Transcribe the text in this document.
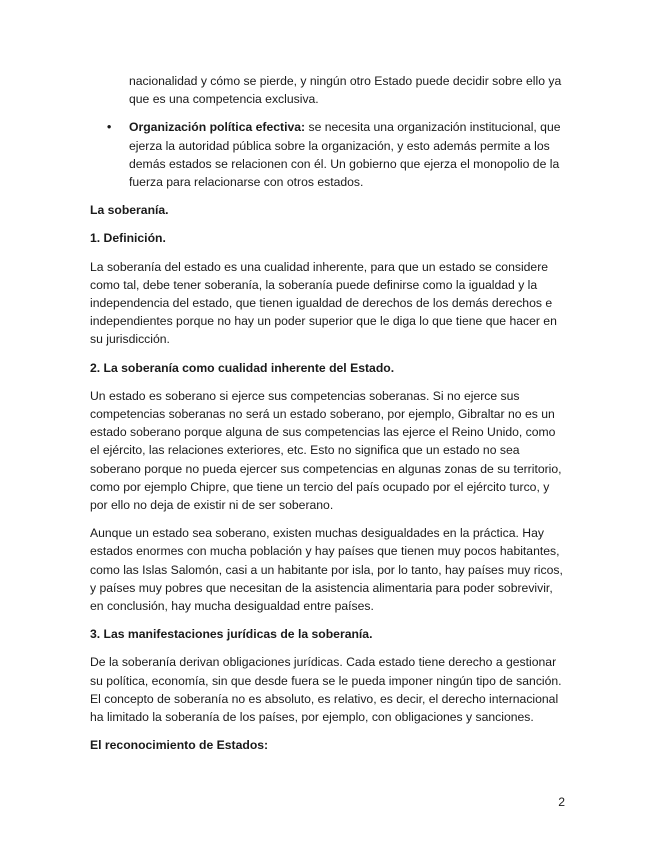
nacionalidad y cómo se pierde, y ningún otro Estado puede decidir sobre ello ya que es una competencia exclusiva.

• Organización política efectiva: se necesita una organización institucional, que ejerza la autoridad pública sobre la organización, y esto además permite a los demás estados se relacionen con él. Un gobierno que ejerza el monopolio de la fuerza para relacionarse con otros estados.
La soberanía.
1. Definición.

La soberanía del estado es una cualidad inherente, para que un estado se considere como tal, debe tener soberanía, la soberanía puede definirse como la igualdad y la independencia del estado, que tienen igualdad de derechos de los demás derechos e independientes porque no hay un poder superior que le diga lo que tiene que hacer en su jurisdicción.

2. La soberanía como cualidad inherente del Estado.

Un estado es soberano si ejerce sus competencias soberanas. Si no ejerce sus competencias soberanas no será un estado soberano, por ejemplo, Gibraltar no es un estado soberano porque alguna de sus competencias las ejerce el Reino Unido, como el ejército, las relaciones exteriores, etc. Esto no significa que un estado no sea soberano porque no pueda ejercer sus competencias en algunas zonas de su territorio, como por ejemplo Chipre, que tiene un tercio del país ocupado por el ejército turco, y por ello no deja de existir ni de ser soberano.

Aunque un estado sea soberano, existen muchas desigualdades en la práctica. Hay estados enormes con mucha población y hay países que tienen muy pocos habitantes, como las Islas Salomón, casi a un habitante por isla, por lo tanto, hay países muy ricos, y países muy pobres que necesitan de la asistencia alimentaria para poder sobrevivir, en conclusión, hay mucha desigualdad entre países.

3. Las manifestaciones jurídicas de la soberanía.

De la soberanía derivan obligaciones jurídicas. Cada estado tiene derecho a gestionar su política, economía, sin que desde fuera se le pueda imponer ningún tipo de sanción. El concepto de soberanía no es absoluto, es relativo, es decir, el derecho internacional ha limitado la soberanía de los países, por ejemplo, con obligaciones y sanciones.

El reconocimiento de Estados:
2
